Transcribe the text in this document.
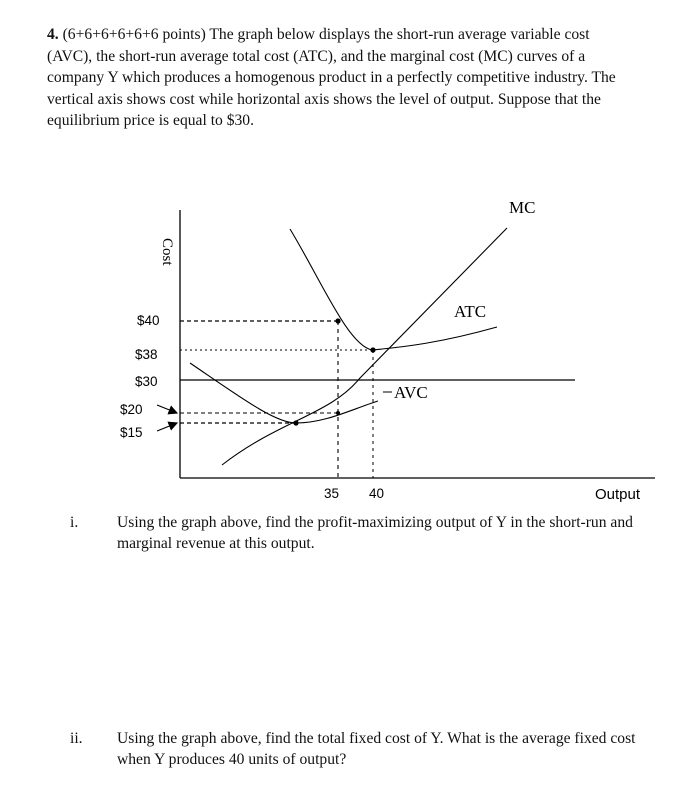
4. (6+6+6+6+6+6 points) The graph below displays the short-run average variable cost (AVC), the short-run average total cost (ATC), and the marginal cost (MC) curves of a company Y which produces a homogenous product in a perfectly competitive industry. The vertical axis shows cost while horizontal axis shows the level of output. Suppose that the equilibrium price is equal to $30.
Cost
Output
$40
$38
$30
$20
$15
35 40
MC
ATC
AVC
i. Using the graph above, find the profit-maximizing output of Y in the short-run and marginal revenue at this output.
ii. Using the graph above, find the total fixed cost of Y. What is the average fixed cost when Y produces 40 units of output?
